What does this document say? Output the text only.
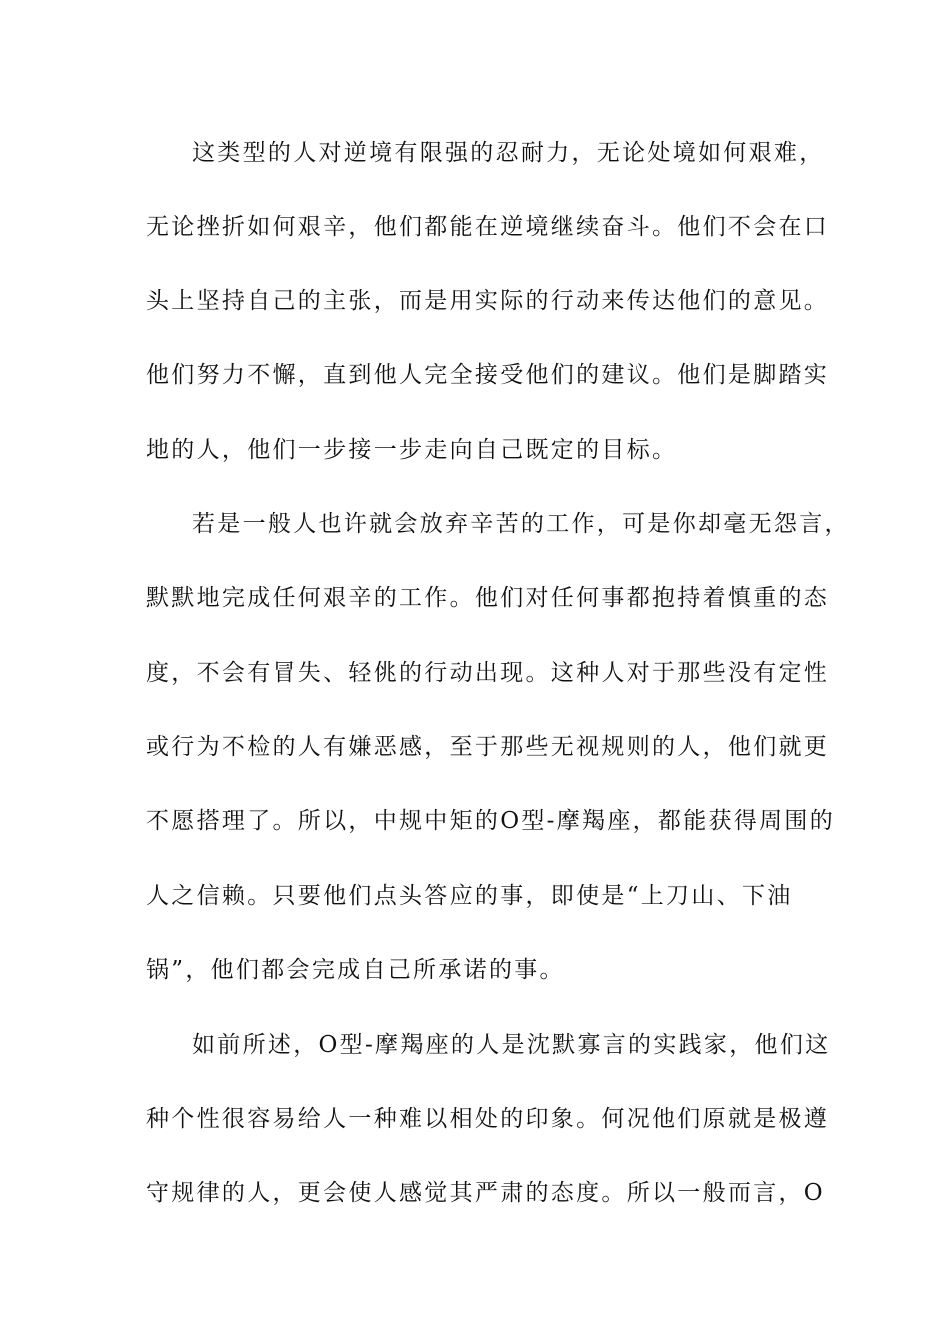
这类型的人对逆境有限强的忍耐力，无论处境如何艰难，
无论挫折如何艰辛，他们都能在逆境继续奋斗。他们不会在口
头上坚持自己的主张，而是用实际的行动来传达他们的意见。
他们努力不懈，直到他人完全接受他们的建议。他们是脚踏实
地的人，他们一步接一步走向自己既定的目标。
若是一般人也许就会放弃辛苦的工作，可是你却毫无怨言，
默默地完成任何艰辛的工作。他们对任何事都抱持着慎重的态
度，不会有冒失、轻佻的行动出现。这种人对于那些没有定性
或行为不检的人有嫌恶感，至于那些无视规则的人，他们就更
不愿搭理了。所以，中规中矩的O型-摩羯座，都能获得周围的
人之信赖。只要他们点头答应的事，即使是“上刀山、下油
锅”，他们都会完成自己所承诺的事。
如前所述，O型-摩羯座的人是沈默寡言的实践家，他们这
种个性很容易给人一种难以相处的印象。何况他们原就是极遵
守规律的人，更会使人感觉其严肃的态度。所以一般而言，O
